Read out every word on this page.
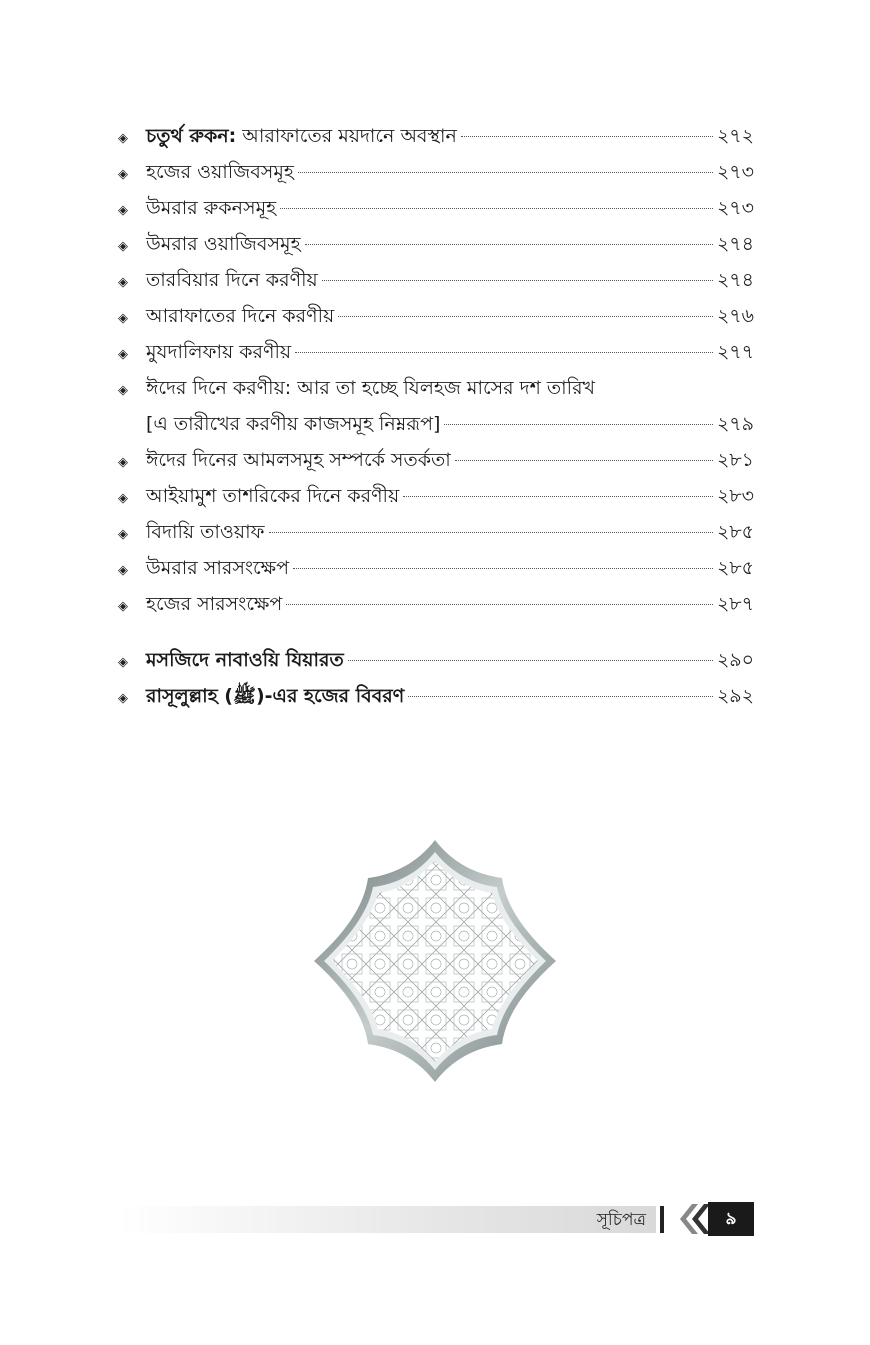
◈ চতুর্থ রুকন: আরাফাতের ময়দানে অবস্থান	২৭২
◈ হজের ওয়াজিবসমূহ	২৭৩
◈ উমরার রুকনসমূহ	২৭৩
◈ উমরার ওয়াজিবসমূহ	২৭৪
◈ তারবিয়ার দিনে করণীয়	২৭৪
◈ আরাফাতের দিনে করণীয়	২৭৬
◈ মুযদালিফায় করণীয়	২৭৭
◈ ঈদের দিনে করণীয়: আর তা হচ্ছে যিলহজ মাসের দশ তারিখ
[এ তারীখের করণীয় কাজসমূহ নিম্নরূপ]	২৭৯
◈ ঈদের দিনের আমলসমূহ সম্পর্কে সতর্কতা	২৮১
◈ আইয়ামুশ তাশরিকের দিনে করণীয়	২৮৩
◈ বিদায়ি তাওয়াফ	২৮৫
◈ উমরার সারসংক্ষেপ	২৮৫
◈ হজের সারসংক্ষেপ	২৮৭
◈ মসজিদে নাবাওয়ি যিয়ারত	২৯০
◈ রাসূলুল্লাহ (ﷺ)-এর হজের বিবরণ	২৯২
সূচিপত্র	৯
